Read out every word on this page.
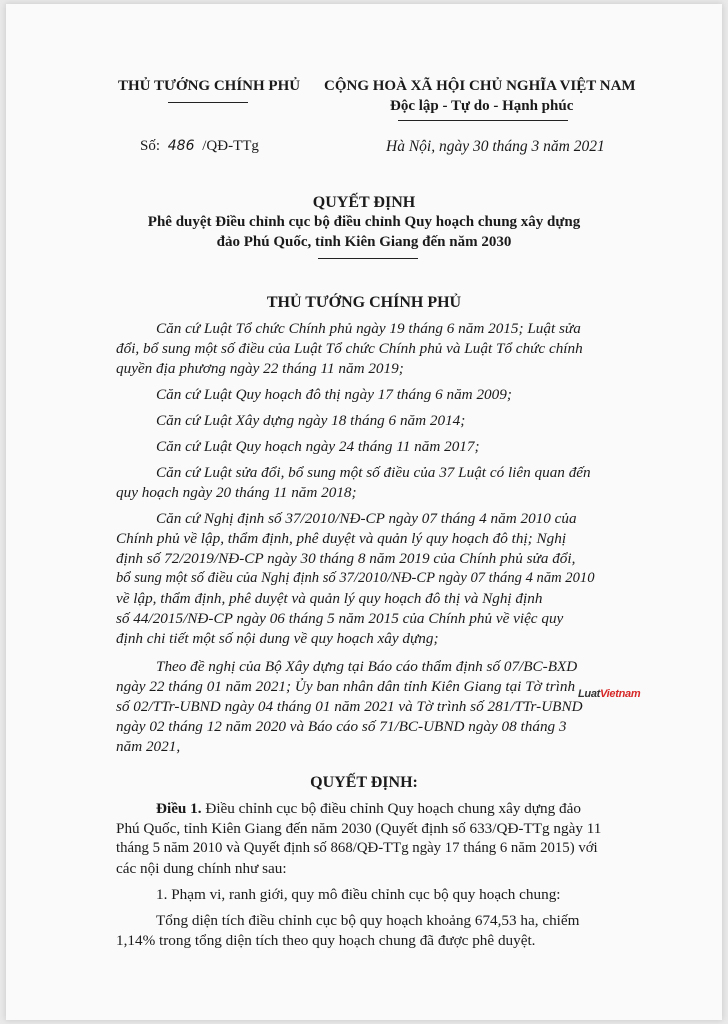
THỦ TƯỚNG CHÍNH PHỦ CỘNG HOÀ XÃ HỘI CHỦ NGHĨA VIỆT NAM
Độc lập - Tự do - Hạnh phúc
Số: 486 /QĐ-TTg	Hà Nội, ngày 30 tháng 3 năm 2021
QUYẾT ĐỊNH
Phê duyệt Điều chỉnh cục bộ điều chỉnh Quy hoạch chung xây dựng
đảo Phú Quốc, tỉnh Kiên Giang đến năm 2030
THỦ TƯỚNG CHÍNH PHỦ
Căn cứ Luật Tổ chức Chính phủ ngày 19 tháng 6 năm 2015; Luật sửa
đổi, bổ sung một số điều của Luật Tổ chức Chính phủ và Luật Tổ chức chính
quyền địa phương ngày 22 tháng 11 năm 2019;
Căn cứ Luật Quy hoạch đô thị ngày 17 tháng 6 năm 2009;
Căn cứ Luật Xây dựng ngày 18 tháng 6 năm 2014;
Căn cứ Luật Quy hoạch ngày 24 tháng 11 năm 2017;
Căn cứ Luật sửa đổi, bổ sung một số điều của 37 Luật có liên quan đến
quy hoạch ngày 20 tháng 11 năm 2018;
Căn cứ Nghị định số 37/2010/NĐ-CP ngày 07 tháng 4 năm 2010 của
Chính phủ về lập, thẩm định, phê duyệt và quản lý quy hoạch đô thị; Nghị
định số 72/2019/NĐ-CP ngày 30 tháng 8 năm 2019 của Chính phủ sửa đổi,
bổ sung một số điều của Nghị định số 37/2010/NĐ-CP ngày 07 tháng 4 năm 2010
về lập, thẩm định, phê duyệt và quản lý quy hoạch đô thị và Nghị định
số 44/2015/NĐ-CP ngày 06 tháng 5 năm 2015 của Chính phủ về việc quy
định chi tiết một số nội dung về quy hoạch xây dựng;
Theo đề nghị của Bộ Xây dựng tại Báo cáo thẩm định số 07/BC-BXD
ngày 22 tháng 01 năm 2021; Ủy ban nhân dân tỉnh Kiên Giang tại Tờ trình
số 02/TTr-UBND ngày 04 tháng 01 năm 2021 và Tờ trình số 281/TTr-UBND
ngày 02 tháng 12 năm 2020 và Báo cáo số 71/BC-UBND ngày 08 tháng 3
năm 2021,
LuatVietnam
QUYẾT ĐỊNH:
Điều 1. Điều chỉnh cục bộ điều chỉnh Quy hoạch chung xây dựng đảo
Phú Quốc, tỉnh Kiên Giang đến năm 2030 (Quyết định số 633/QĐ-TTg ngày 11
tháng 5 năm 2010 và Quyết định số 868/QĐ-TTg ngày 17 tháng 6 năm 2015) với
các nội dung chính như sau:
1. Phạm vi, ranh giới, quy mô điều chỉnh cục bộ quy hoạch chung:
Tổng diện tích điều chỉnh cục bộ quy hoạch khoảng 674,53 ha, chiếm
1,14% trong tổng diện tích theo quy hoạch chung đã được phê duyệt.
